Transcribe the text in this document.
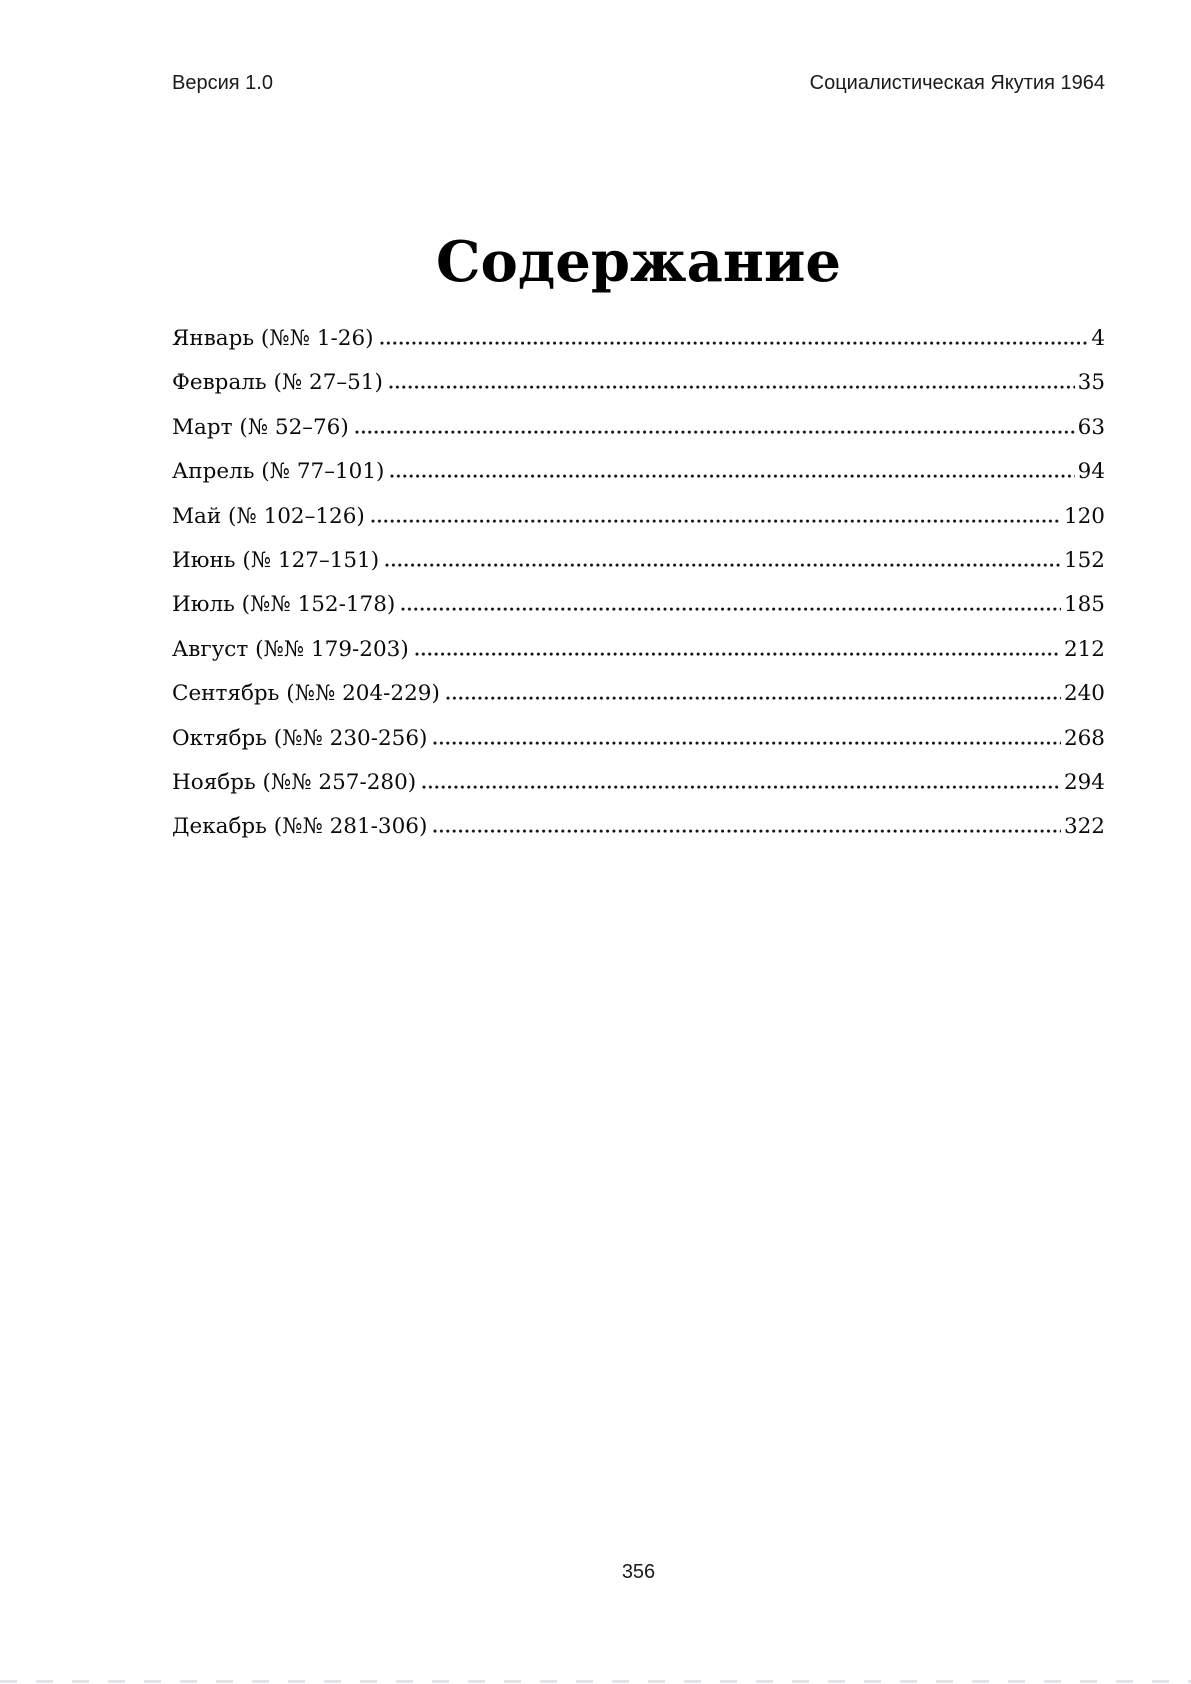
Версия 1.0	Социалистическая Якутия 1964
Содержание
Январь (№№ 1-26)	4
Февраль (№ 27–51)	35
Март (№ 52–76)	63
Апрель (№ 77–101)	94
Май (№ 102–126)	120
Июнь (№ 127–151)	152
Июль (№№ 152-178)	185
Август (№№ 179-203)	212
Сентябрь (№№ 204-229)	240
Октябрь (№№ 230-256)	268
Ноябрь (№№ 257-280)	294
Декабрь (№№ 281-306)	322
356
